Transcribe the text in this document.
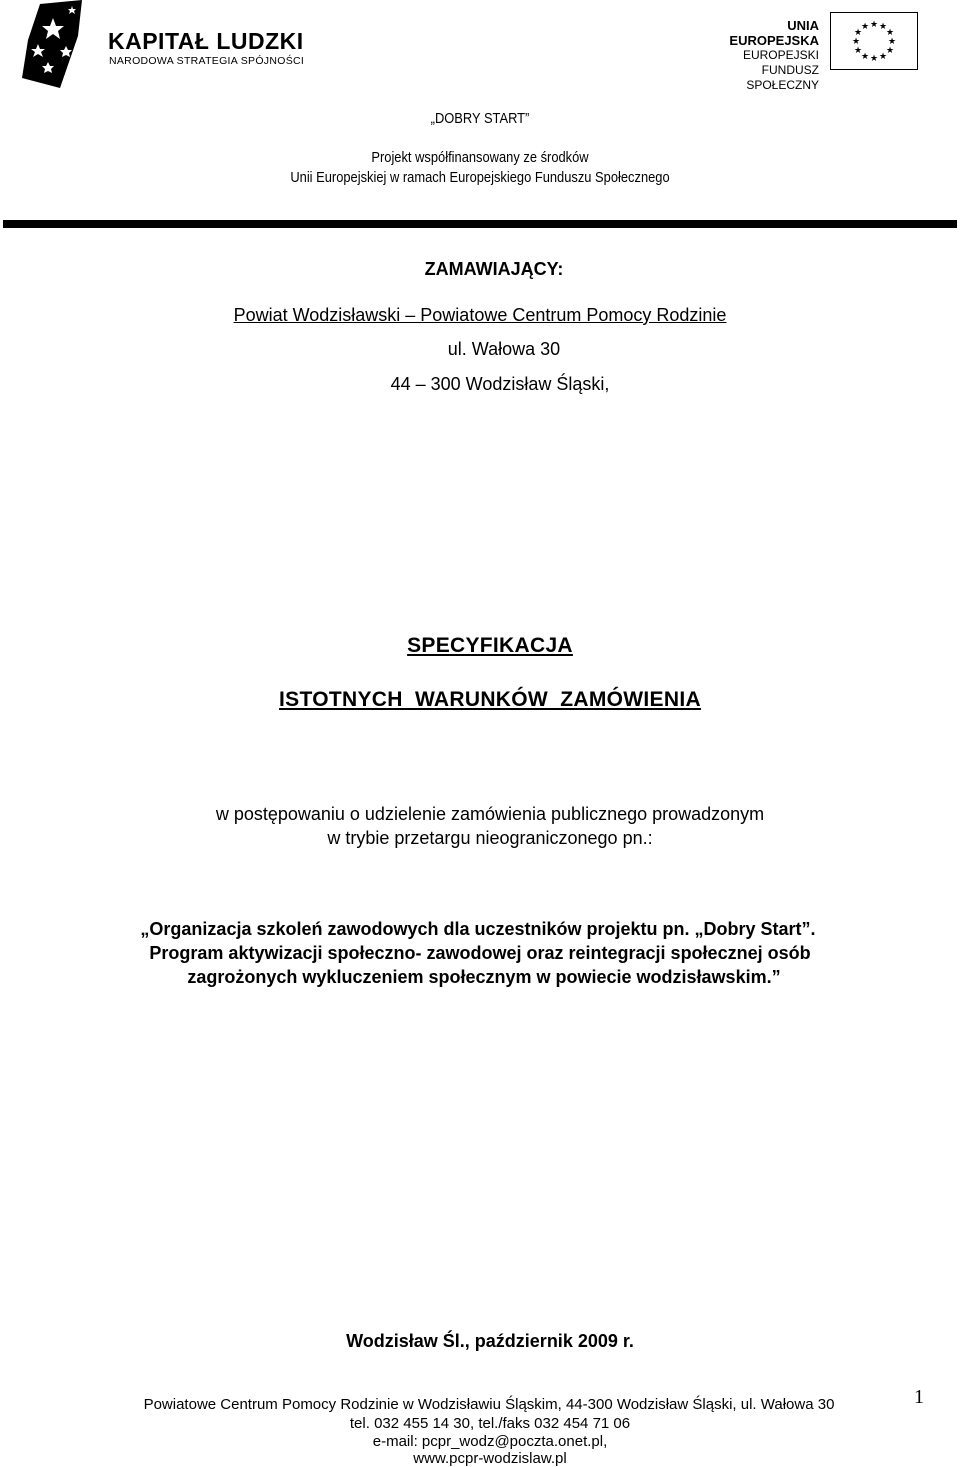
KAPITAŁ LUDZKI
NARODOWA STRATEGIA SPÓJNOŚCI
UNIA EUROPEJSKA
EUROPEJSKI
FUNDUSZ SPOŁECZNY
★ ★
★
★
★
★
★
★
★
★
★
★
„DOBRY START”
Projekt współfinansowany ze środków
Unii Europejskiej w ramach Europejskiego Funduszu Społecznego
ZAMAWIAJĄCY:
Powiat Wodzisławski – Powiatowe Centrum Pomocy Rodzinie
ul. Wałowa 30
44 – 300 Wodzisław Śląski,
SPECYFIKACJA
ISTOTNYCH  WARUNKÓW  ZAMÓWIENIA
w postępowaniu o udzielenie zamówienia publicznego prowadzonym
w trybie przetargu nieograniczonego pn.:
„Organizacja szkoleń zawodowych dla uczestników projektu pn. „Dobry Start”.
Program aktywizacji społeczno- zawodowej oraz reintegracji społecznej osób
zagrożonych wykluczeniem społecznym w powiecie wodzisławskim.”
Wodzisław Śl., październik 2009 r.
Powiatowe Centrum Pomocy Rodzinie w Wodzisławiu Śląskim, 44-300 Wodzisław Śląski, ul. Wałowa 30
tel. 032 455 14 30, tel./faks 032 454 71 06
e-mail: pcpr_wodz@poczta.onet.pl,
www.pcpr-wodzislaw.pl
1
